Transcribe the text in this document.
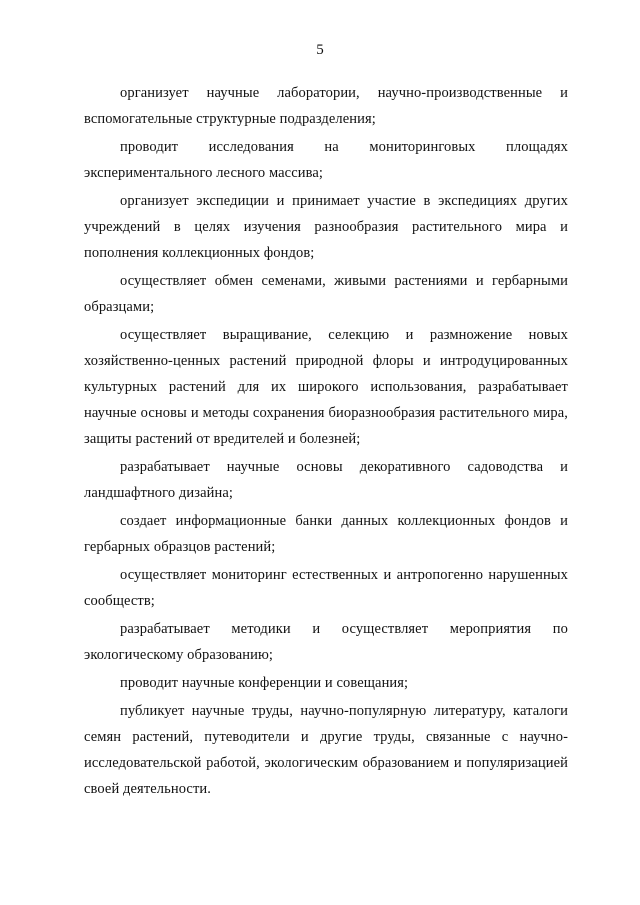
5

организует научные лаборатории, научно-производственные и вспомогательные структурные подразделения;

проводит исследования на мониторинговых площадях экспериментального лесного массива;

организует экспедиции и принимает участие в экспедициях других учреждений в целях изучения разнообразия растительного мира и пополнения коллекционных фондов;

осуществляет обмен семенами, живыми растениями и гербарными образцами;

осуществляет выращивание, селекцию и размножение новых хозяйственно-ценных растений природной флоры и интродуцированных культурных растений для их широкого использования, разрабатывает научные основы и методы сохранения биоразнообразия растительного мира, защиты растений от вредителей и болезней;

разрабатывает научные основы декоративного садоводства и ландшафтного дизайна;

создает информационные банки данных коллекционных фондов и гербарных образцов растений;

осуществляет мониторинг естественных и антропогенно нарушенных сообществ;

разрабатывает методики и осуществляет мероприятия по экологическому образованию;

проводит научные конференции и совещания;

публикует научные труды, научно-популярную литературу, каталоги семян растений, путеводители и другие труды, связанные с научно-исследовательской работой, экологическим образованием и популяризацией своей деятельности.
